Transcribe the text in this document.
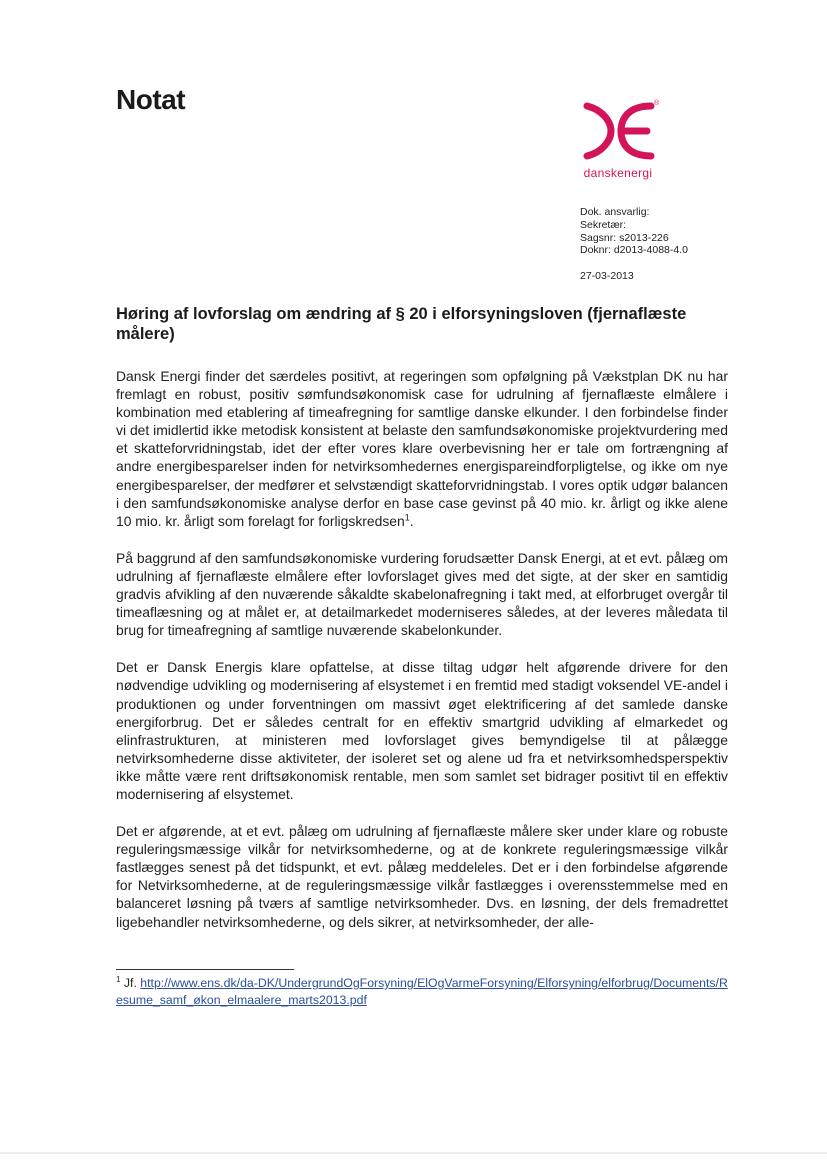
Notat	®
danskenergi
Dok. ansvarlig:
Sekretær:
Sagsnr: s2013-226
Doknr: d2013-4088-4.0
27-03-2013
Høring af lovforslag om ændring af § 20 i elforsyningsloven (fjernaflæste målere)

Dansk Energi finder det særdeles positivt, at regeringen som opfølgning på Vækstplan DK nu har fremlagt en robust, positiv sømfundsøkonomisk case for udrulning af fjernaflæste elmålere i kombination med etablering af timeafregning for samtlige danske elkunder. I den forbindelse finder vi det imidlertid ikke metodisk konsistent at belaste den samfundsøkonomiske projektvurdering med et skatteforvridningstab, idet der efter vores klare overbevisning her er tale om fortrængning af andre energibesparelser inden for netvirksomhedernes energispareindforpligtelse, og ikke om nye energibesparelser, der medfører et selvstændigt skatteforvridningstab. I vores optik udgør balancen i den samfundsøkonomiske analyse derfor en base case gevinst på 40 mio. kr. årligt og ikke alene 10 mio. kr. årligt som forelagt for forligskredsen$^1$.

På baggrund af den samfundsøkonomiske vurdering forudsætter Dansk Energi, at et evt. pålæg om udrulning af fjernaflæste elmålere efter lovforslaget gives med det sigte, at der sker en samtidig gradvis afvikling af den nuværende såkaldte skabelonafregning i takt med, at elforbruget overgår til timeaflæsning og at målet er, at detailmarkedet moderniseres således, at der leveres måledata til brug for timeafregning af samtlige nuværende skabelonkunder.

Det er Dansk Energis klare opfattelse, at disse tiltag udgør helt afgørende drivere for den nødvendige udvikling og modernisering af elsystemet i en fremtid med stadigt voksendel VE-andel i produktionen og under forventningen om massivt øget elektrificering af det samlede danske energiforbrug. Det er således centralt for en effektiv smartgrid udvikling af elmarkedet og elinfrastrukturen, at ministeren med lovforslaget gives bemyndigelse til at pålægge netvirksomhederne disse aktiviteter, der isoleret set og alene ud fra et netvirksomhedsperspektiv ikke måtte være rent driftsøkonomisk rentable, men som samlet set bidrager positivt til en effektiv modernisering af elsystemet.

Det er afgørende, at et evt. pålæg om udrulning af fjernaflæste målere sker under klare og robuste reguleringsmæssige vilkår for netvirksomhederne, og at de konkrete reguleringsmæssige vilkår fastlægges senest på det tidspunkt, et evt. pålæg meddeleles. Det er i den forbindelse afgørende for Netvirksomhederne, at de reguleringsmæssige vilkår fastlægges i overensstemmelse med en balanceret løsning på tværs af samtlige netvirksomheder. Dvs. en løsning, der dels fremadrettet ligebehandler netvirksomhederne, og dels sikrer, at netvirksomheder, der alle-

$^1$ Jf. http://www.ens.dk/da-DK/UndergrundOgForsyning/ElOgVarmeForsyning/Elforsyning/elforbrug/Documents/Resume_samf_økon_elmaalere_marts2013.pdf
